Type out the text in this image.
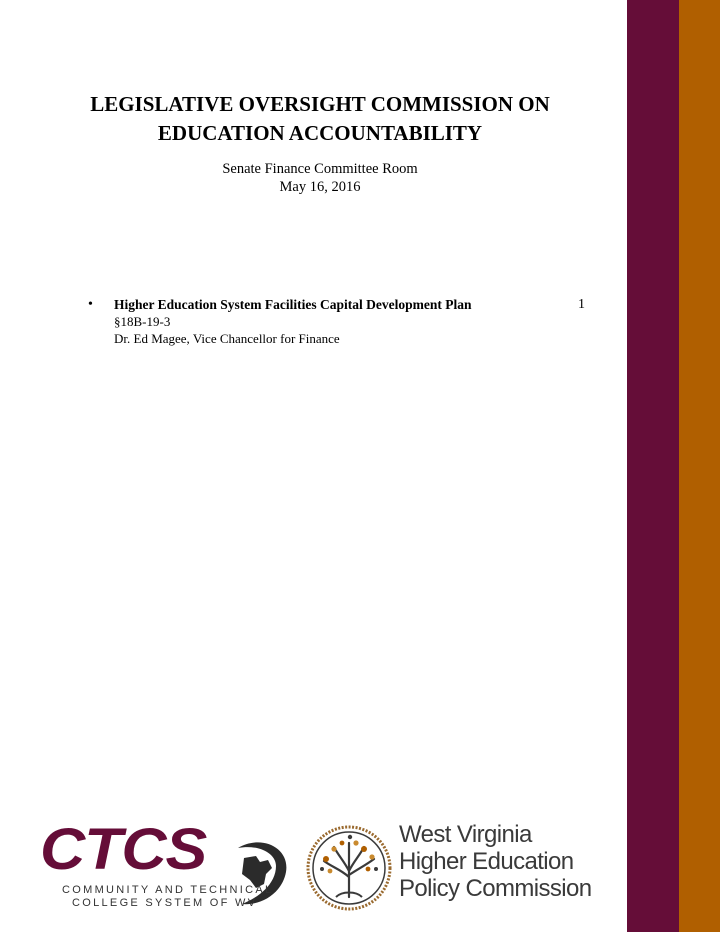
LEGISLATIVE OVERSIGHT COMMISSION ON
EDUCATION ACCOUNTABILITY
Senate Finance Committee Room
May 16, 2016
• Higher Education System Facilities Capital Development Plan	1
§18B-19-3
Dr. Ed Magee, Vice Chancellor for Finance
CTCS
COMMUNITY AND TECHNICAL
COLLEGE SYSTEM OF WV
West Virginia
Higher Education
Policy Commission
